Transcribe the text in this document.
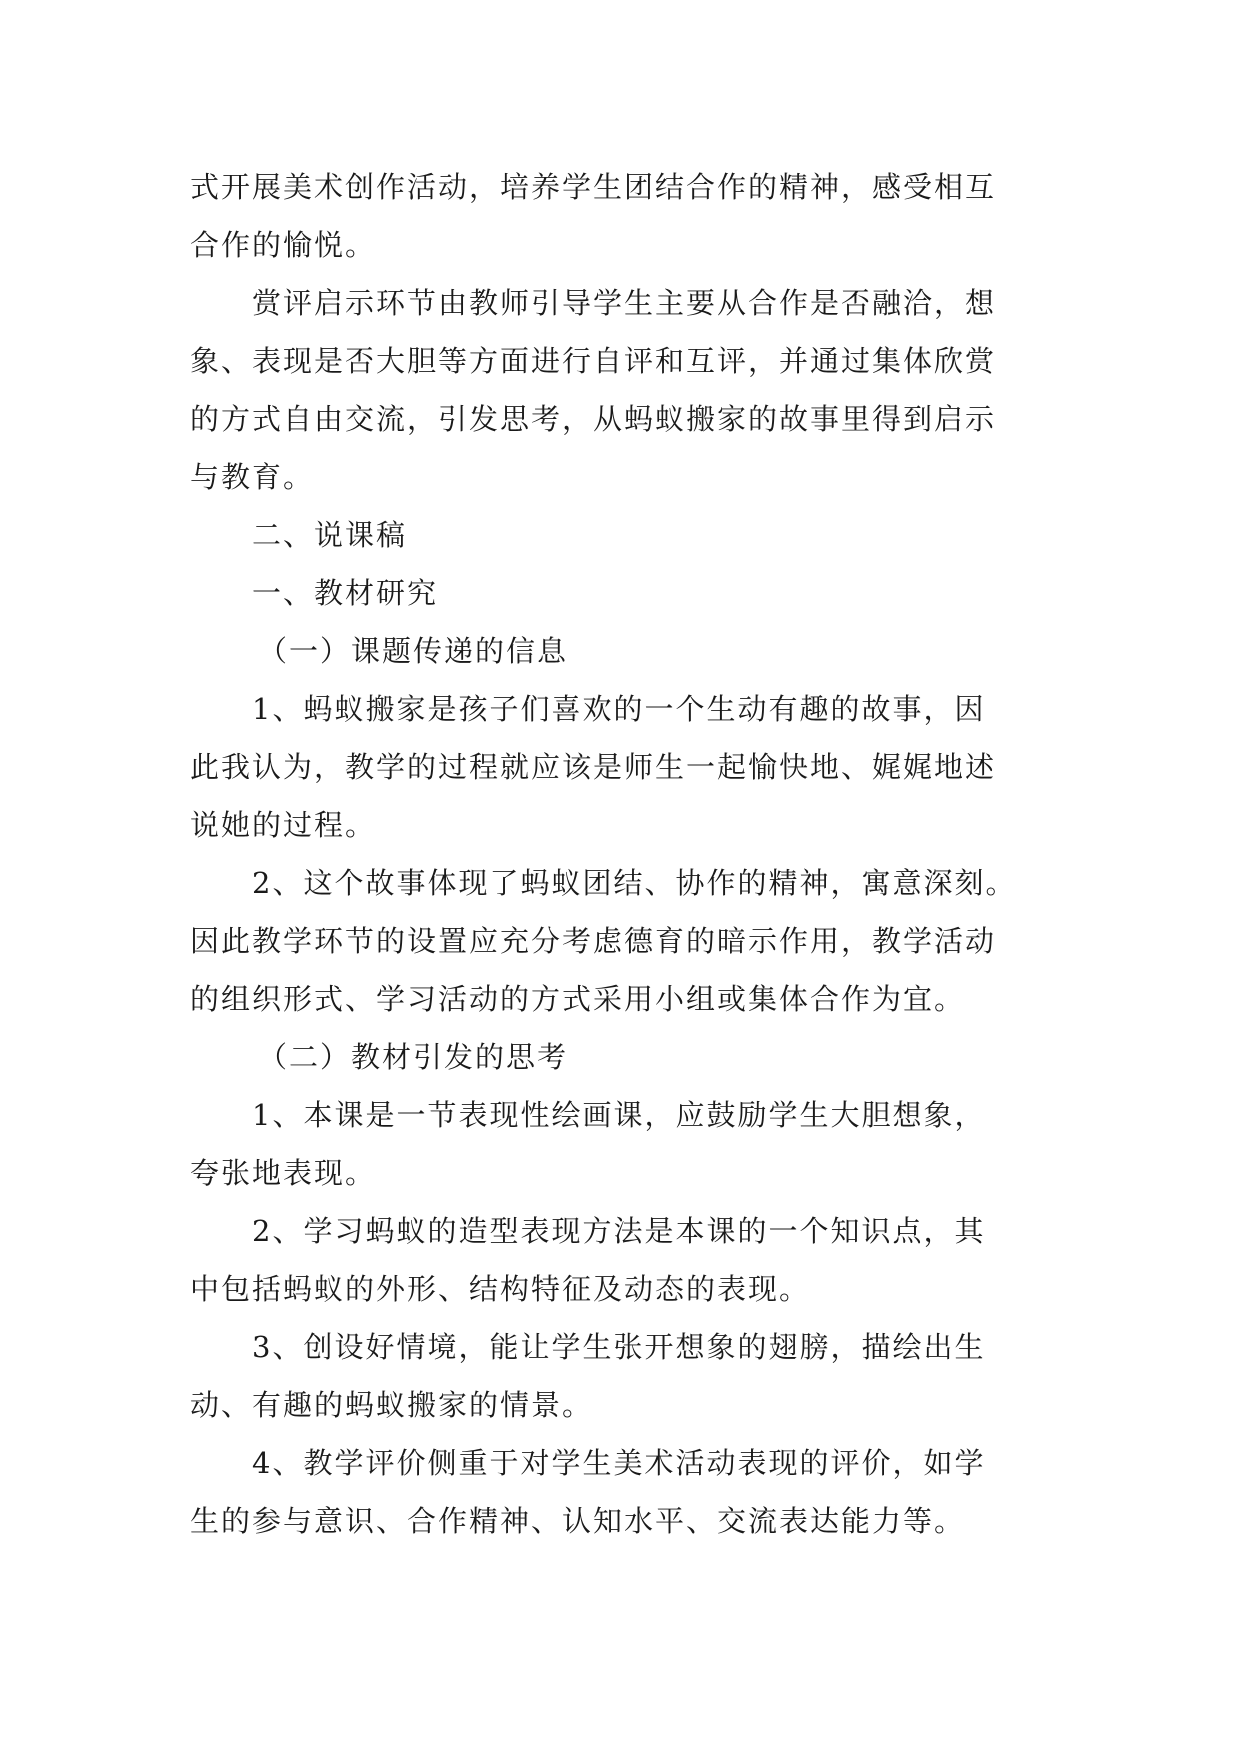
式开展美术创作活动，培养学生团结合作的精神，感受相互
合作的愉悦。
赏评启示环节由教师引导学生主要从合作是否融洽，想
象、表现是否大胆等方面进行自评和互评，并通过集体欣赏
的方式自由交流，引发思考，从蚂蚁搬家的故事里得到启示
与教育。
二、说课稿
一、教材研究
（一）课题传递的信息
1、蚂蚁搬家是孩子们喜欢的一个生动有趣的故事，因
此我认为，教学的过程就应该是师生一起愉快地、娓娓地述
说她的过程。
2、这个故事体现了蚂蚁团结、协作的精神，寓意深刻。
因此教学环节的设置应充分考虑德育的暗示作用，教学活动
的组织形式、学习活动的方式采用小组或集体合作为宜。
（二）教材引发的思考
1、本课是一节表现性绘画课，应鼓励学生大胆想象，
夸张地表现。
2、学习蚂蚁的造型表现方法是本课的一个知识点，其
中包括蚂蚁的外形、结构特征及动态的表现。
3、创设好情境，能让学生张开想象的翅膀，描绘出生
动、有趣的蚂蚁搬家的情景。
4、教学评价侧重于对学生美术活动表现的评价，如学
生的参与意识、合作精神、认知水平、交流表达能力等。
